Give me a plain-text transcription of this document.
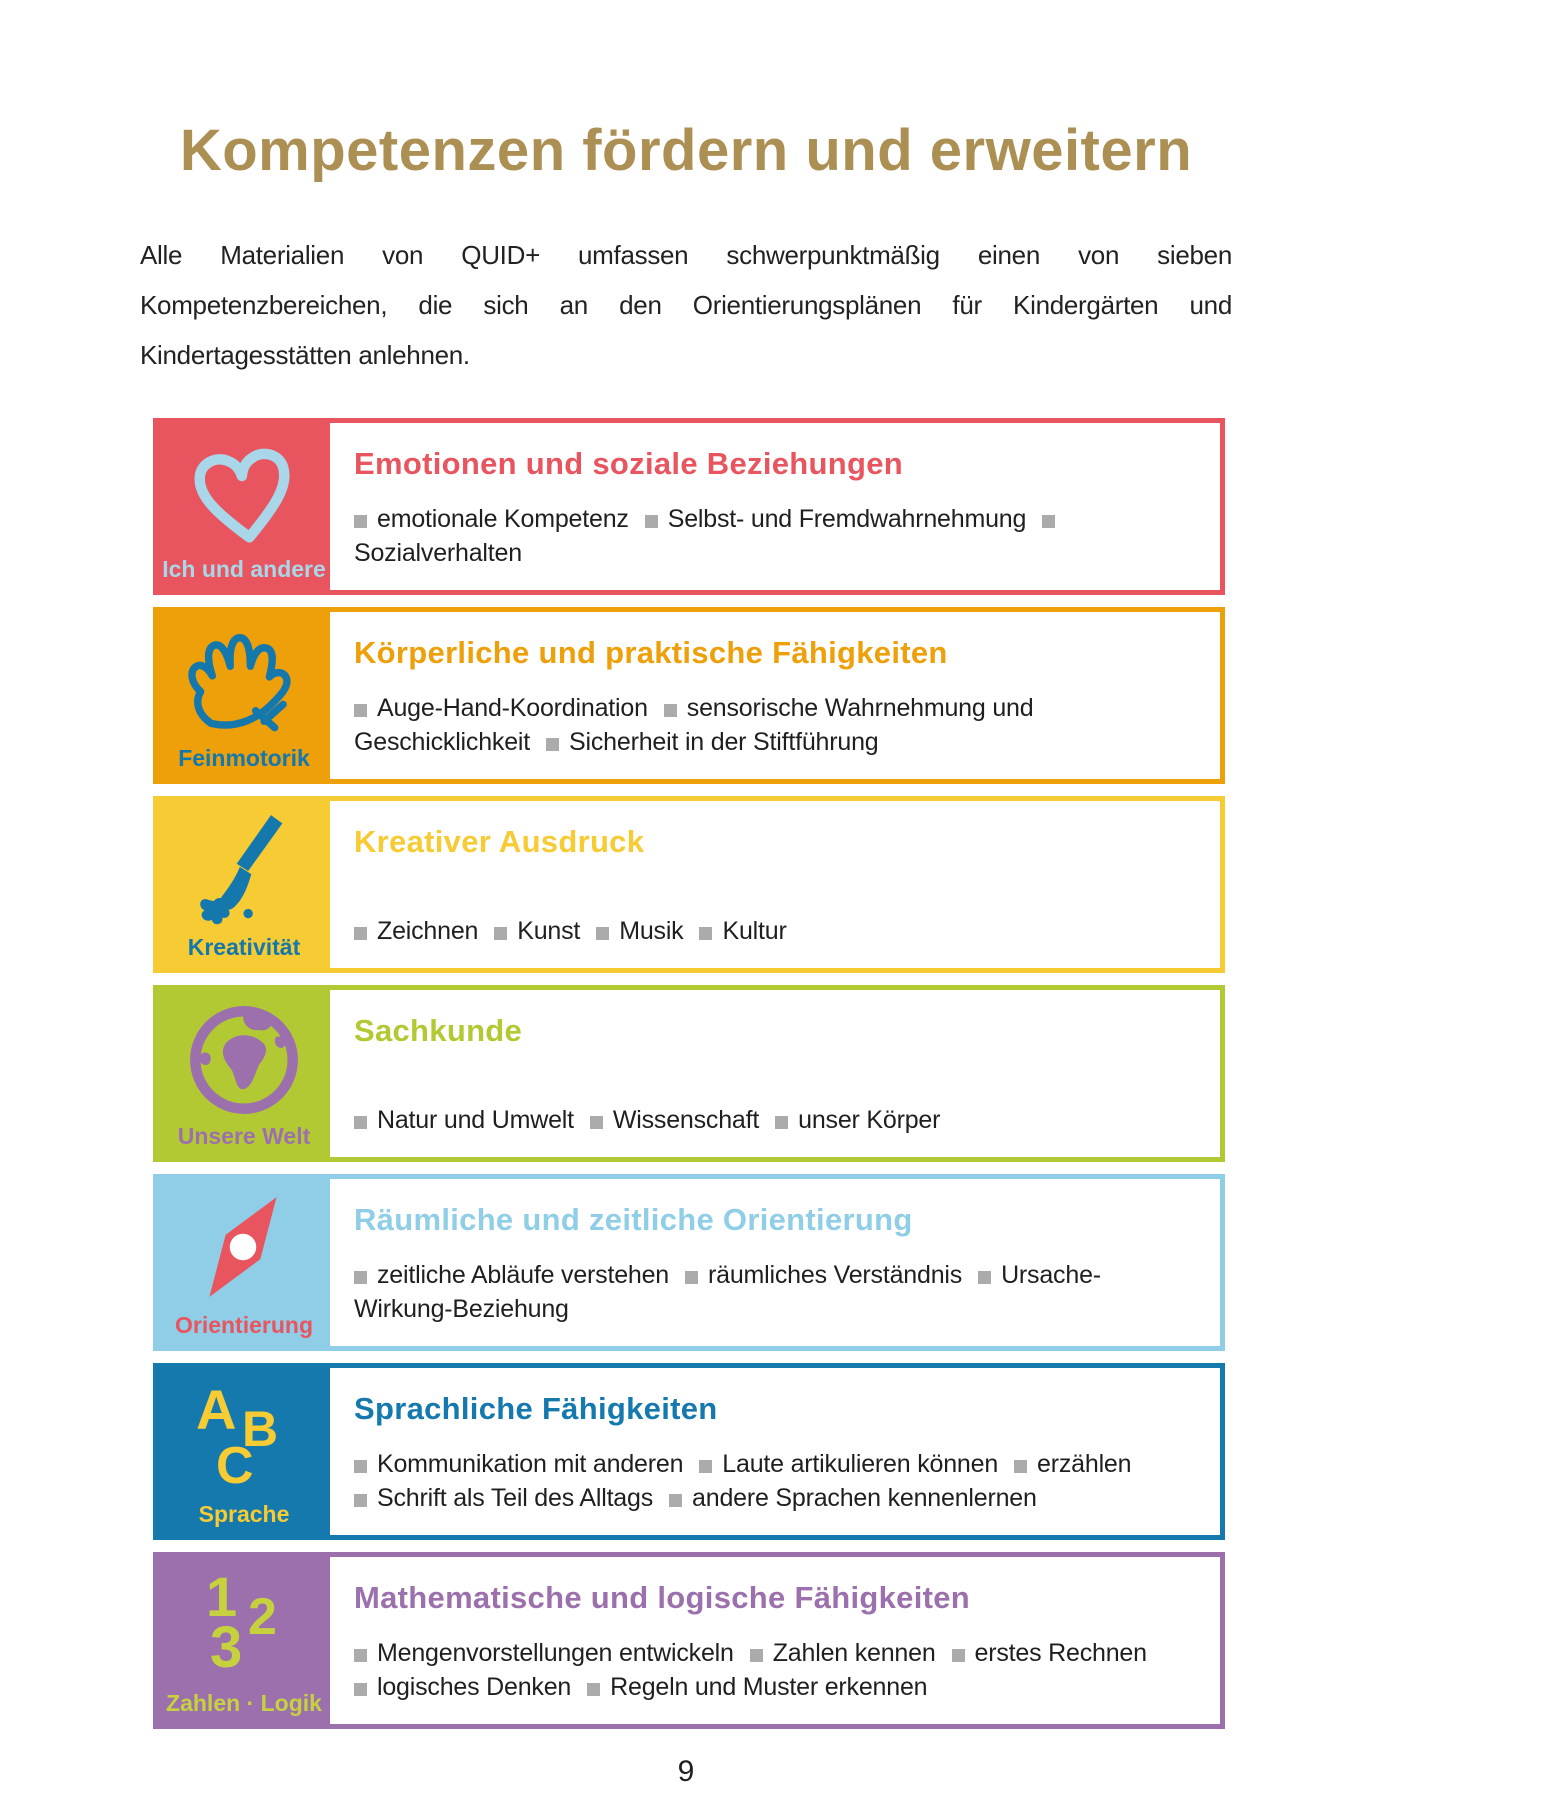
Kompetenzen fördern und erweitern

Alle Materialien von QUID+ umfassen schwerpunktmäßig einen von sieben Kompetenzbereichen, die sich an den Orientierungsplänen für Kindergärten und Kindertagesstätten anlehnen.

Ich und andere
Emotionen und soziale Beziehungen
emotionale Kompetenz Selbst- und FremdwahrnehmungSozialverhalten
Feinmotorik
Körperliche und praktische Fähigkeiten
Auge-Hand-Koordination sensorische Wahrnehmung und Geschicklichkeit Sicherheit in der Stiftführung
Kreativität
Kreativer Ausdruck
Zeichnen Kunst Musik Kultur
Unsere Welt
Sachkunde
Natur und Umwelt Wissenschaft unser Körper
Orientierung
Räumliche und zeitliche Orientierung
zeitliche Abläufe verstehen räumliches Verständnis Ursache-Wirkung-Beziehung
A B
C
Sprache
Sprachliche Fähigkeiten
Kommunikation mit anderen Laute artikulieren können erzählenSchrift als Teil des Alltags andere Sprachen kennenlernen
1 2
3
Zahlen · Logik
Mathematische und logische Fähigkeiten
Mengenvorstellungen entwickeln Zahlen kennen erstes Rechnenlogisches Denken Regeln und Muster erkennen
9
